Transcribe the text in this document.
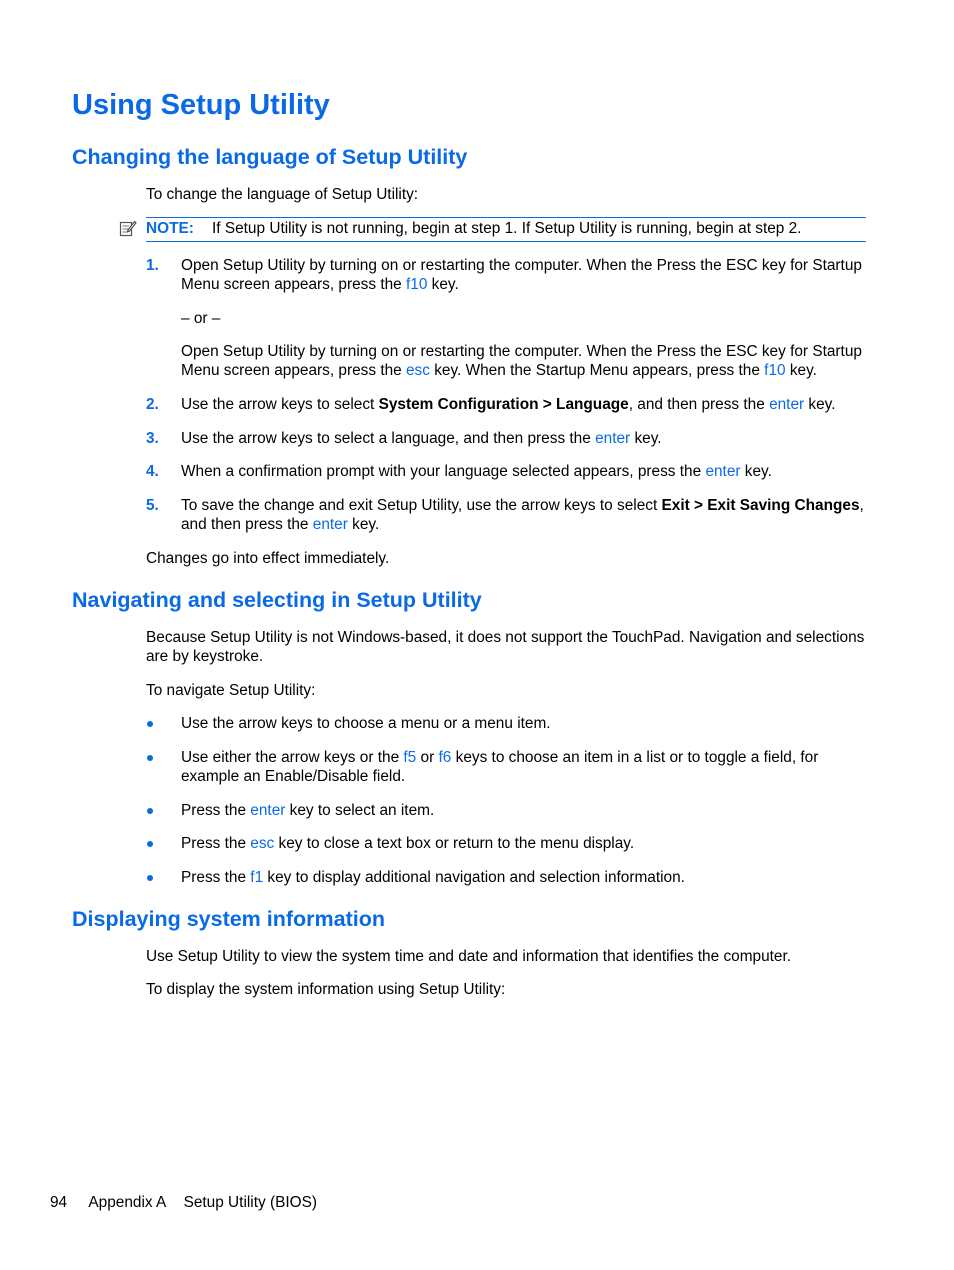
Using Setup Utility
Changing the language of Setup Utility

To change the language of Setup Utility:

NOTE: If Setup Utility is not running, begin at step 1. If Setup Utility is running, begin at step 2.
1. Open Setup Utility by turning on or restarting the computer. When the Press the ESC key for Startup Menu screen appears, press the f10 key.
– or –
Open Setup Utility by turning on or restarting the computer. When the Press the ESC key for Startup Menu screen appears, press the esc key. When the Startup Menu appears, press the f10 key.
2. Use the arrow keys to select System Configuration > Language, and then press the enter key.
3. Use the arrow keys to select a language, and then press the enter key.
4. When a confirmation prompt with your language selected appears, press the enter key.
5. To save the change and exit Setup Utility, use the arrow keys to select Exit > Exit Saving Changes, and then press the enter key.

Changes go into effect immediately.

Navigating and selecting in Setup Utility

Because Setup Utility is not Windows-based, it does not support the TouchPad. Navigation and selections are by keystroke.

To navigate Setup Utility:

Use the arrow keys to choose a menu or a menu item.
Use either the arrow keys or the f5 or f6 keys to choose an item in a list or to toggle a field, for example an Enable/Disable field.
Press the enter key to select an item.
Press the esc key to close a text box or return to the menu display.
Press the f1 key to display additional navigation and selection information.
Displaying system information

Use Setup Utility to view the system time and date and information that identifies the computer.

To display the system information using Setup Utility:

94 Appendix A Setup Utility (BIOS)
